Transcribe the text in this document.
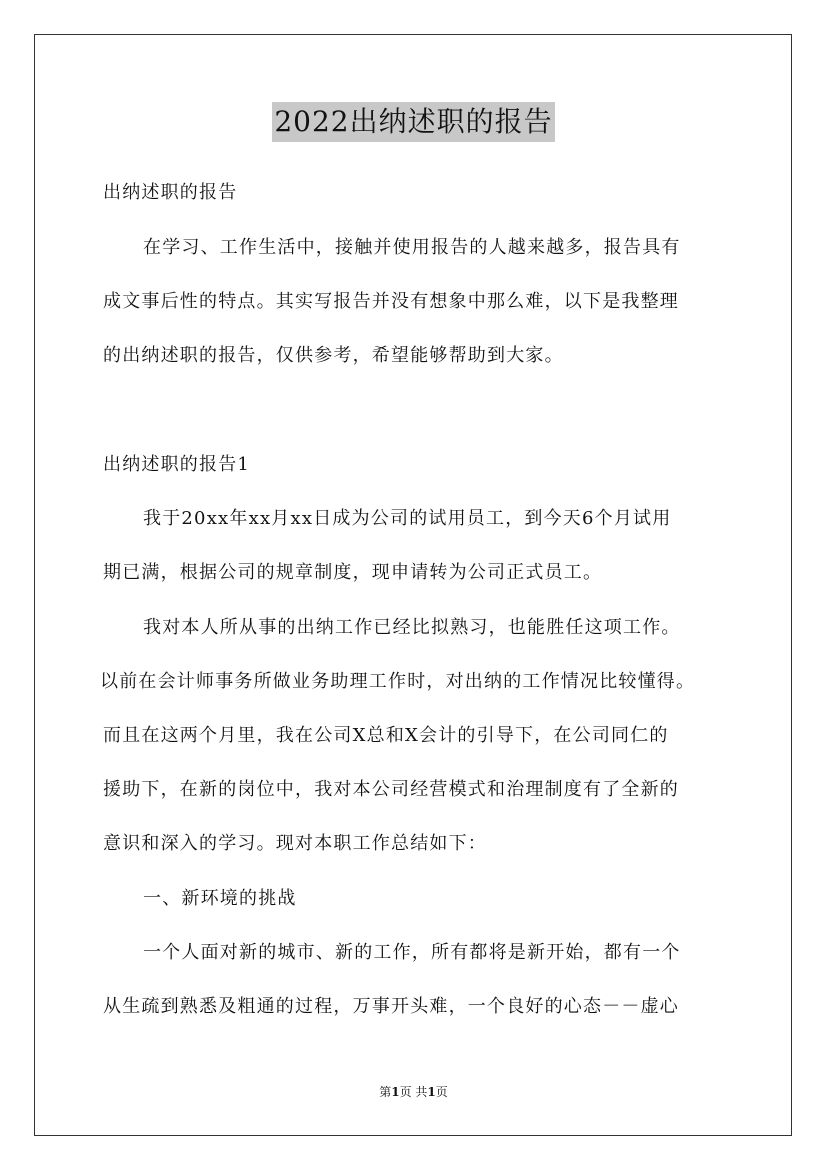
2022出纳述职的报告
出纳述职的报告
在学习、工作生活中，接触并使用报告的人越来越多，报告具有
成文事后性的特点。其实写报告并没有想象中那么难，以下是我整理
的出纳述职的报告，仅供参考，希望能够帮助到大家。
出纳述职的报告1
我于20xx年xx月xx日成为公司的试用员工，到今天6个月试用
期已满，根据公司的规章制度，现申请转为公司正式员工。
我对本人所从事的出纳工作已经比拟熟习，也能胜任这项工作。
以前在会计师事务所做业务助理工作时，对出纳的工作情况比较懂得。
而且在这两个月里，我在公司X总和X会计的引导下，在公司同仁的
援助下，在新的岗位中，我对本公司经营模式和治理制度有了全新的
意识和深入的学习。现对本职工作总结如下：
一、新环境的挑战
一个人面对新的城市、新的工作，所有都将是新开始，都有一个
从生疏到熟悉及粗通的过程，万事开头难，一个良好的心态－－虚心
第1页 共1页
